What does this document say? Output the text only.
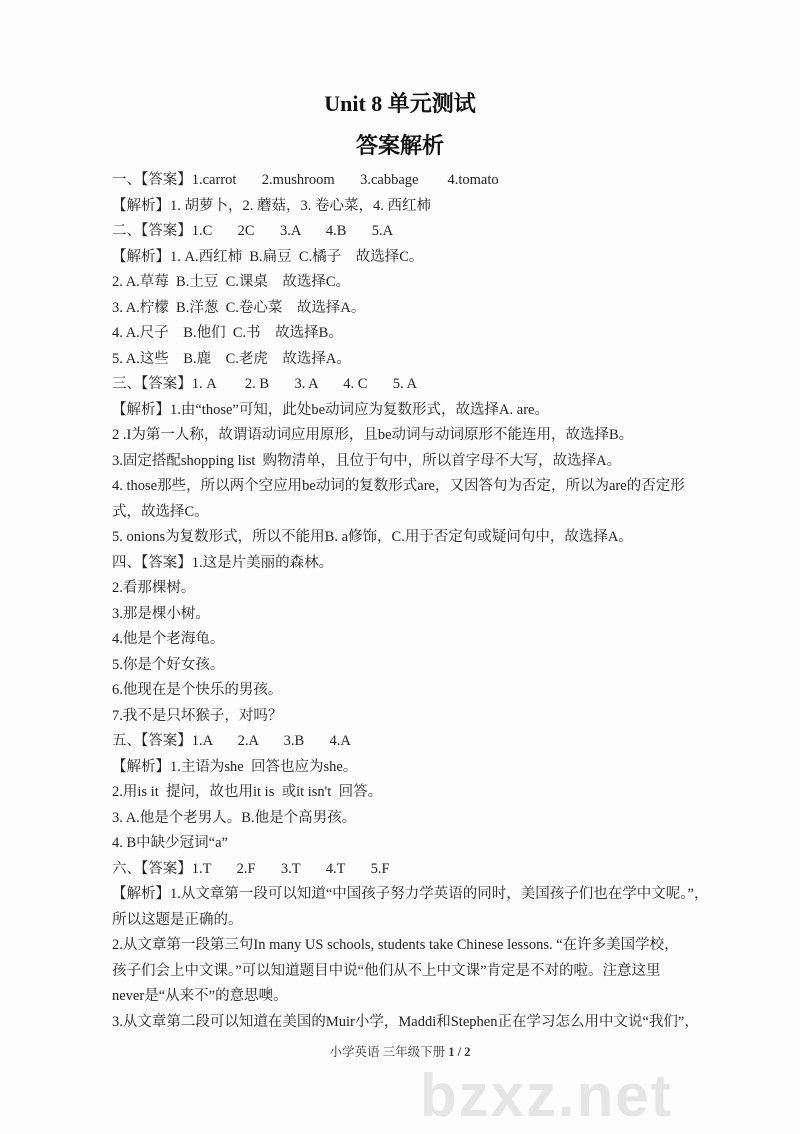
Unit 8 单元测试
答案解析
一、【答案】1.carrot       2.mushroom       3.cabbage        4.tomato
【解析】1. 胡萝卜，2. 蘑菇，3. 卷心菜，4. 西红柿
二、【答案】1.C       2C       3.A       4.B       5.A
【解析】1. A.西红柿  B.扁豆  C.橘子    故选择C。
2. A.草莓  B.土豆  C.课桌    故选择C。
3. A.柠檬  B.洋葱  C.卷心菜    故选择A。
4. A.尺子    B.他们  C.书    故选择B。
5. A.这些    B.鹿    C.老虎    故选择A。
三、【答案】1. A        2. B       3. A       4. C       5. A
【解析】1.由“those”可知，此处be动词应为复数形式，故选择A. are。
2 .I为第一人称，故谓语动词应用原形，且be动词与动词原形不能连用，故选择B。
3.固定搭配shopping list  购物清单，且位于句中，所以首字母不大写，故选择A。
4. those那些，所以两个空应用be动词的复数形式are，又因答句为否定，所以为are的否定形
式，故选择C。
5. onions为复数形式，所以不能用B. a修饰，C.用于否定句或疑问句中，故选择A。
四、【答案】1.这是片美丽的森林。
2.看那棵树。
3.那是棵小树。
4.他是个老海龟。
5.你是个好女孩。
6.他现在是个快乐的男孩。
7.我不是只坏猴子，对吗？
五、【答案】1.A       2.A       3.B       4.A
【解析】1.主语为she  回答也应为she。
2.用is it  提问，故也用it is  或it isn't  回答。
3. A.他是个老男人。B.他是个高男孩。
4. B中缺少冠词“a”
六、【答案】1.T       2.F       3.T       4.T       5.F
【解析】1.从文章第一段可以知道“中国孩子努力学英语的同时，美国孩子们也在学中文呢。”，
所以这题是正确的。
2.从文章第一段第三句In many US schools, students take Chinese lessons. “在许多美国学校，
孩子们会上中文课。”可以知道题目中说“他们从不上中文课”肯定是不对的啦。注意这里
never是“从来不”的意思噢。
3.从文章第二段可以知道在美国的Muir小学，Maddi和Stephen正在学习怎么用中文说“我们”，
小学英语 三年级下册 1 / 2
bzxz.net
